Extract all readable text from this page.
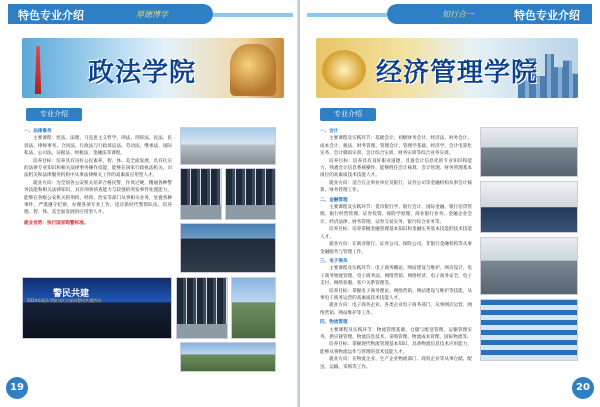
特色专业介绍	厚德博学
政法学院
专业介绍
一、法律事务

主要课程：宪法、法理、马克思主义哲学、刑法、刑诉法、民法、民诉法、律师事务、合同法、行政法与行政诉讼法、劳动法、继承法、国际私法、公司法、证据法、财税法、金融法等课程。

培养目标：培养具有良好公民素养、智、体、美全面发展，具有扎实的法律专业知识和相关法律事务操作技能，能够在国家行政执法机关、司法机关和法律服务机构中从事法律相关工作的高素质应用型人才。

就业方向：为全国各公安机关培养合格民警，作风过硬，精通各种警务技能和相关法律知识，具有刑事侦查能力与较强的突发事件处置能力，能够在各级公安机关的刑侦、经侦、治安等部门从事相关业务，处置各种事件，严谨遵守纪律，办理各项专业工作，适应新时代警察队伍，培养德、智、体、美全面发展的应用型人才。

就业优势：执行国家购警标准。
警民共建
2024年政法学院与区公安局警民共建活动
19
知行合一	特色专业介绍
经济管理学院
专业介绍
一、会计

主要课程及实践环节：基础会计、初级财务会计、经济法、财务会计、成本会计、税法、财务管理、管理会计、管理学基础、经济学、会计电算化实务、会计模拟实训、会计综合实训、财务实训等综合业务实训。

培养目标：培养具有良好职业道德，具备会计信息化的专业知识和能力，熟悉会计信息系统操作，能够胜任会计核算、会计管理、财务管理基本岗位的高素质技术技能人才。

就业方向：适合在企事业单位及银行、证券公司等金融机构从事会计核算、财务管理工作。

二、金融管理

主要课程及实践环节：货币银行学、银行会计、国际金融、银行信贷管理、银行经营管理、证券投资、保险学原理、商业银行业务、金融企业会计、经济法律、财务管理、证券交易实务、银行综合业务等。

培养目标：培养掌握金融管理基本知识和金融实务基本技能的技术技能人才。

就业方向：在商业银行、证券公司、保险公司、非银行金融机构等从事金融服务与管理工作。

三、电子商务

主要课程及实践环节：电子商务概论、网站建设与维护、网页设计、电子商务物流管理、电子商务法、网络营销、网络经济、电子商务安全、电子支付、网络客服、客户关系管理等。

培养目标：掌握电子商务理论、网络营销、网站建设与维护等技能，从事电子商务运营的高素质技术技能人才。

就业方向：电子商务企业、各类企业电子商务部门，从事网店运营、网络营销、网站维护等工作。

四、物流管理

主要课程及实践环节：物流管理基础、仓储与配送管理、运输管理实务、供应链管理、物流信息技术、采购管理、物流成本管理、国际物流等。

培养目标：掌握现代物流管理基本知识，具备物流信息技术应用能力，能够从事物流运作与管理的技术技能人才。

就业方向：在物流企业、生产企业物流部门、商贸企业等从事仓储、配送、运输、采购等工作。

20
